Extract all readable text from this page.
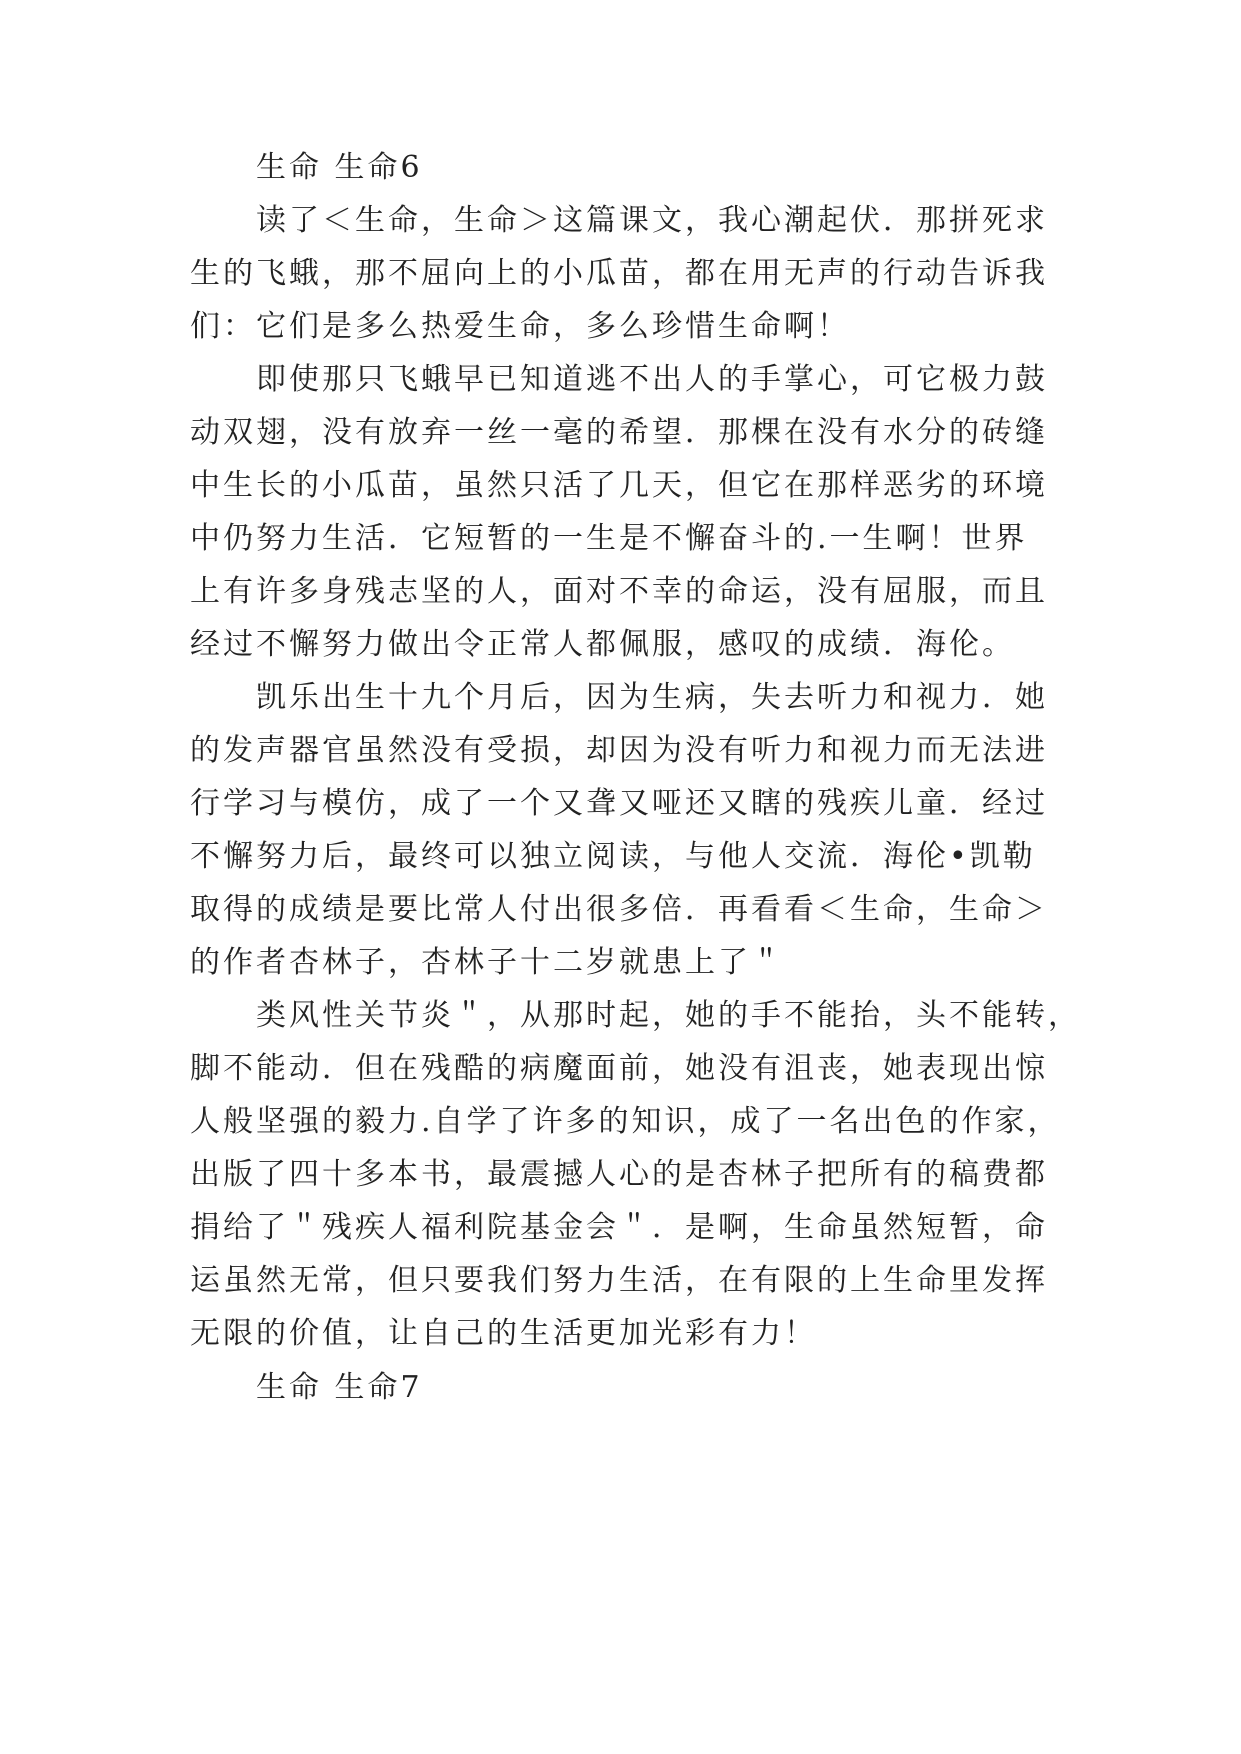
生命 生命6
读了＜生命，生命＞这篇课文，我心潮起伏．那拼死求
生的飞蛾，那不屈向上的小瓜苗，都在用无声的行动告诉我
们：它们是多么热爱生命，多么珍惜生命啊！
即使那只飞蛾早已知道逃不出人的手掌心，可它极力鼓
动双翅，没有放弃一丝一毫的希望．那棵在没有水分的砖缝
中生长的小瓜苗，虽然只活了几天，但它在那样恶劣的环境
中仍努力生活．它短暂的一生是不懈奋斗的.一生啊！世界
上有许多身残志坚的人，面对不幸的命运，没有屈服，而且
经过不懈努力做出令正常人都佩服，感叹的成绩．海伦。
凯乐出生十九个月后，因为生病，失去听力和视力．她
的发声器官虽然没有受损，却因为没有听力和视力而无法进
行学习与模仿，成了一个又聋又哑还又瞎的残疾儿童．经过
不懈努力后，最终可以独立阅读，与他人交流．海伦•凯勒
取得的成绩是要比常人付出很多倍．再看看＜生命，生命＞
的作者杏林子，杏林子十二岁就患上了＂
类风性关节炎＂，从那时起，她的手不能抬，头不能转，
脚不能动．但在残酷的病魔面前，她没有沮丧，她表现出惊
人般坚强的毅力.自学了许多的知识，成了一名出色的作家，
出版了四十多本书，最震撼人心的是杏林子把所有的稿费都
捐给了＂残疾人福利院基金会＂．是啊，生命虽然短暂，命
运虽然无常，但只要我们努力生活，在有限的上生命里发挥
无限的价值，让自己的生活更加光彩有力！
生命 生命7
